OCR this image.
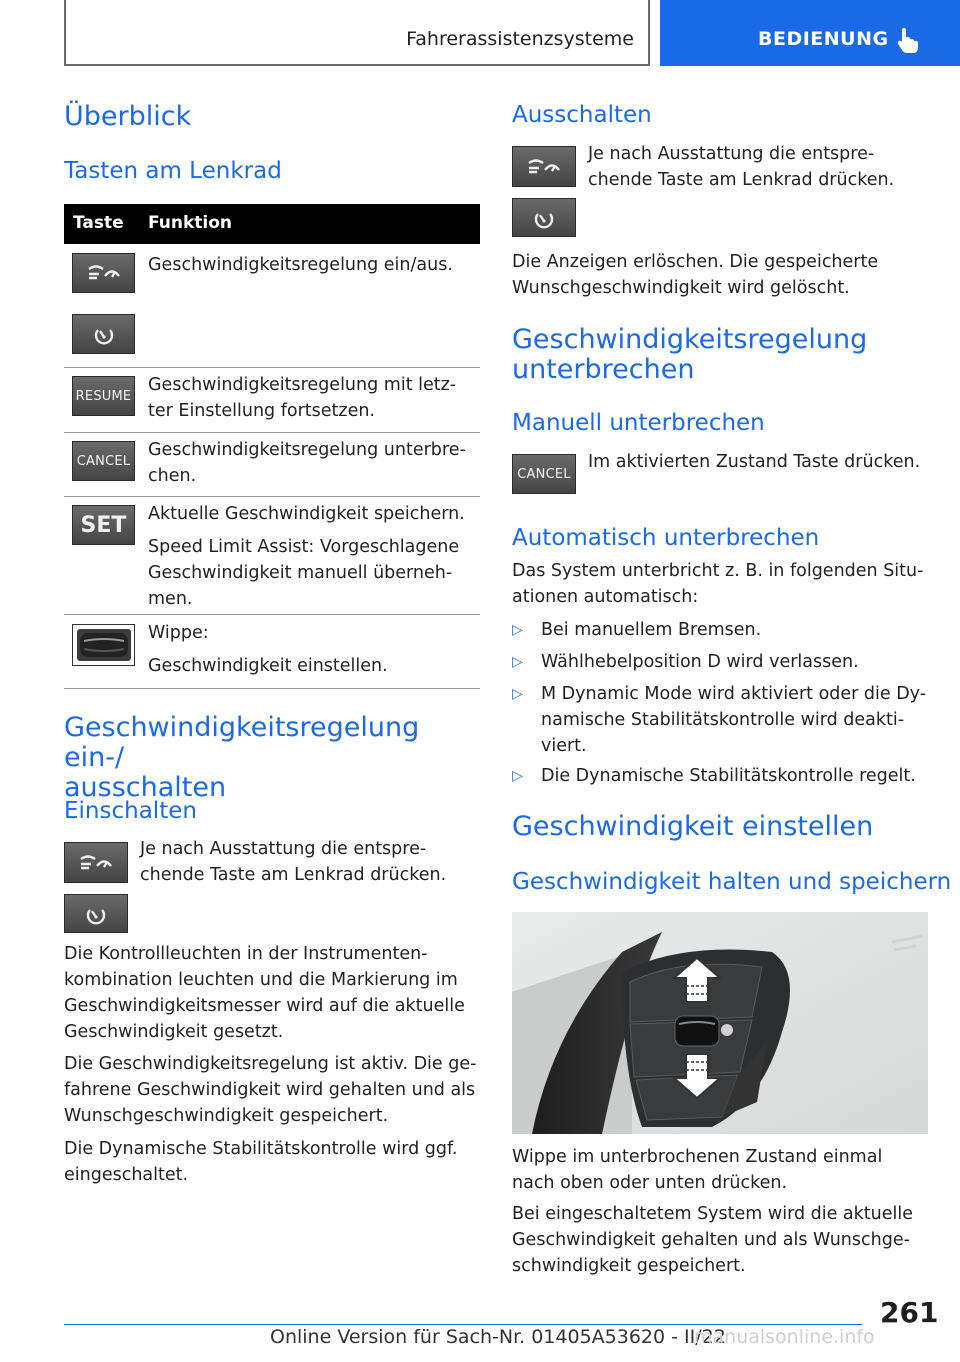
Fahrerassistenzsysteme	BEDIENUNG
Überblick
Tasten am Lenkrad
Taste Funktion
Geschwindigkeitsregelung ein/aus.
RESUME
Geschwindigkeitsregelung mit letz-
ter Einstellung fortsetzen.
CANCEL
Geschwindigkeitsregelung unterbre-
chen.
SET Aktuelle Geschwindigkeit speichern.
Speed Limit Assist: Vorgeschlagene
Geschwindigkeit manuell überneh-
men.
Wippe:
Geschwindigkeit einstellen.
Geschwindigkeitsregelung ein-/
ausschalten
Einschalten
Je nach Ausstattung die entspre-
chende Taste am Lenkrad drücken.
Die Kontrollleuchten in der Instrumenten-
kombination leuchten und die Markierung im
Geschwindigkeitsmesser wird auf die aktuelle
Geschwindigkeit gesetzt.
Die Geschwindigkeitsregelung ist aktiv. Die ge-
fahrene Geschwindigkeit wird gehalten und als
Wunschgeschwindigkeit gespeichert.
Die Dynamische Stabilitätskontrolle wird ggf.
eingeschaltet.
Ausschalten
Je nach Ausstattung die entspre-
chende Taste am Lenkrad drücken.
Die Anzeigen erlöschen. Die gespeicherte
Wunschgeschwindigkeit wird gelöscht.
Geschwindigkeitsregelung
unterbrechen
Manuell unterbrechen
CANCEL
Im aktivierten Zustand Taste drücken.
Automatisch unterbrechen
Das System unterbricht z. B. in folgenden Situ-
ationen automatisch:
▷ Bei manuellem Bremsen.
▷ Wählhebelposition D wird verlassen.
▷ M Dynamic Mode wird aktiviert oder die Dy-
namische Stabilitätskontrolle wird deakti-
viert.
▷ Die Dynamische Stabilitätskontrolle regelt.
Geschwindigkeit einstellen
Geschwindigkeit halten und speichern
Wippe im unterbrochenen Zustand einmal
nach oben oder unten drücken.
Bei eingeschaltetem System wird die aktuelle
Geschwindigkeit gehalten und als Wunschge-
schwindigkeit gespeichert.
261
Online Version für Sach-Nr. 01405A53620 - II/22
manualsonline.info
